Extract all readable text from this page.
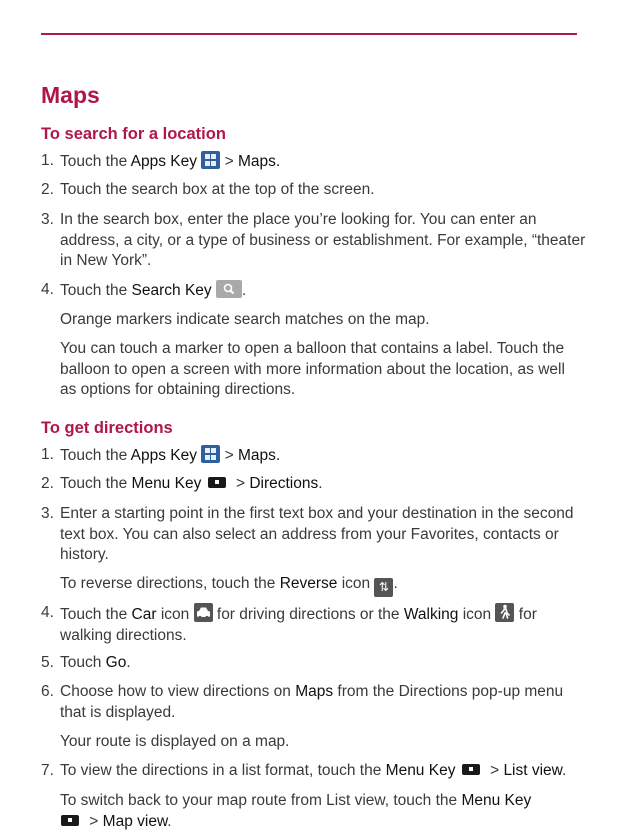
Maps
To search for a location
1. Touch the Apps Key
> Maps.
2. Touch the search box at the top of the screen.
3. In the search box, enter the place you’re looking for. You can enter an address, a city, or a type of business or establishment. For example, “theater in New York”.
4. Touch the Search Key .
Orange markers indicate search matches on the map.
You can touch a marker to open a balloon that contains a label. Touch the balloon to open a screen with more information about the location, as well as options for obtaining directions.
To get directions
1. Touch the Apps Key
> Maps.
2. Touch the Menu Key
> Directions.
3. Enter a starting point in the first text box and your destination in the second text box. You can also select an address from your Favorites, contacts or history.
To reverse directions, touch the Reverse icon ⇅ .
4. Touch the Car icon  for driving directions or the Walking icon  for walking directions.
5. Touch Go.
6. Choose how to view directions on Maps from the Directions pop-up menu that is displayed.
Your route is displayed on a map.
7. To view the directions in a list format, touch the Menu Key
> List view.
To switch back to your map route from List view, touch the Menu Key

> Map view.
